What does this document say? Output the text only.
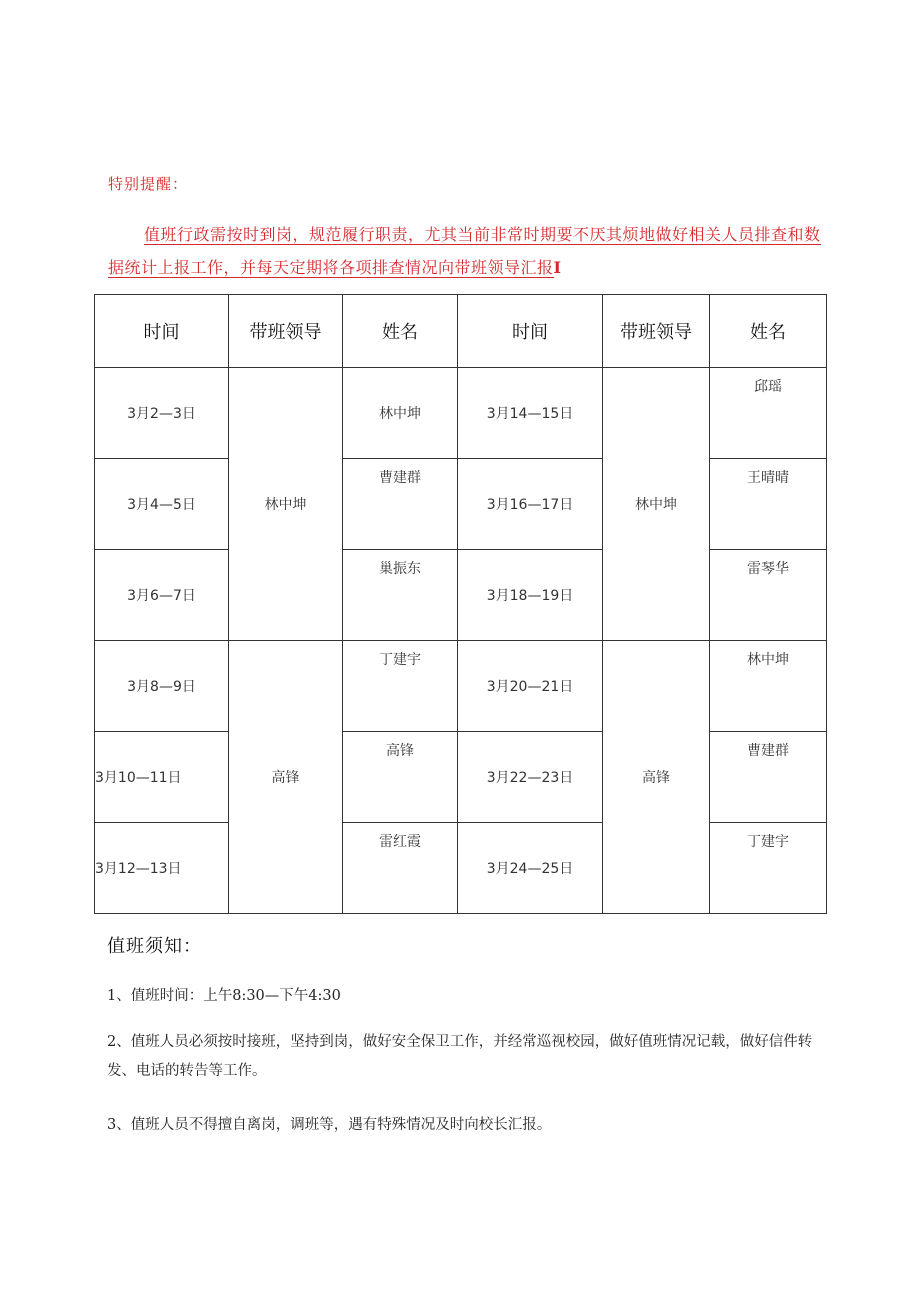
特别提醒：
值班行政需按时到岗，规范履行职责，尤其当前非常时期要不厌其烦地做好相关人员排查和数据统计上报工作，并每天定期将各项排查情况向带班领导汇报I
时间	带班领导	姓名	时间	带班领导	姓名
3月2—3日	林中坤	林中坤	3月14—15日	林中坤	邱瑶

3月4—5日		曹建群	3月16—17日		王晴晴

3月6—7日		巢振东	3月18—19日		雷琴华

3月8—9日	高锋	丁建宇	3月20—21日	高锋	林中坤

3月10—11日		高锋	3月22—23日		曹建群

3月12—13日		雷红霞	3月24—25日		丁建宇
值班须知：
1、值班时间：上午8:30—下午4:30
2、值班人员必须按时接班，坚持到岗，做好安全保卫工作，并经常巡视校园，做好值班情况记载，做好信件转发、电话的转告等工作。
3、值班人员不得擅自离岗，调班等，遇有特殊情况及时向校长汇报。
